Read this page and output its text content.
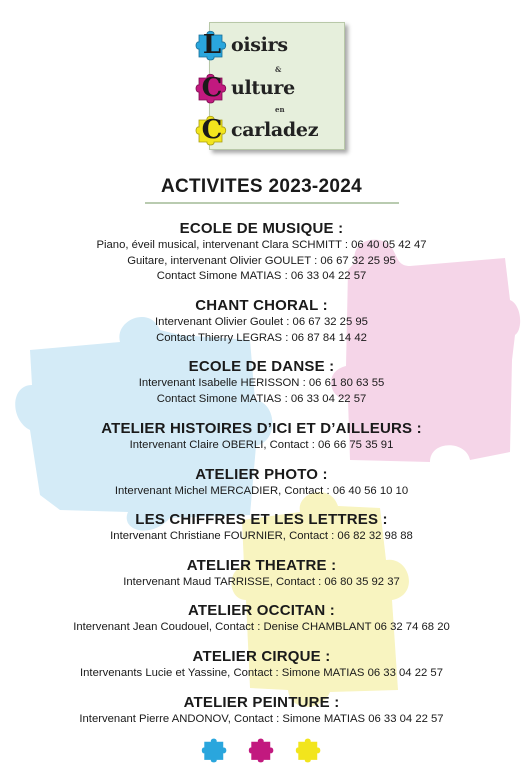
L oisirs
&
C ulture
en
C carladez
ACTIVITES 2023-2024
ECOLE DE MUSIQUE :
Piano, éveil musical, intervenant Clara SCHMITT : 06 40 05 42 47
Guitare, intervenant Olivier GOULET : 06 67 32 25 95
Contact Simone MATIAS : 06 33 04 22 57
CHANT CHORAL :
Intervenant Olivier Goulet : 06 67 32 25 95
Contact Thierry LEGRAS : 06 87 84 14 42
ECOLE DE DANSE :
Intervenant Isabelle HERISSON : 06 61 80 63 55
Contact Simone MATIAS : 06 33 04 22 57
ATELIER HISTOIRES D’ICI ET D’AILLEURS :
Intervenant Claire OBERLI, Contact : 06 66 75 35 91
ATELIER PHOTO :
Intervenant Michel MERCADIER, Contact : 06 40 56 10 10
LES CHIFFRES ET LES LETTRES :
Intervenant Christiane FOURNIER, Contact : 06 82 32 98 88
ATELIER THEATRE :
Intervenant Maud TARRISSE, Contact : 06 80 35 92 37
ATELIER OCCITAN :
Intervenant Jean Coudouel, Contact : Denise CHAMBLANT 06 32 74 68 20
ATELIER CIRQUE :
Intervenants Lucie et Yassine, Contact : Simone MATIAS 06 33 04 22 57
ATELIER PEINTURE :
Intervenant Pierre ANDONOV, Contact : Simone MATIAS 06 33 04 22 57
